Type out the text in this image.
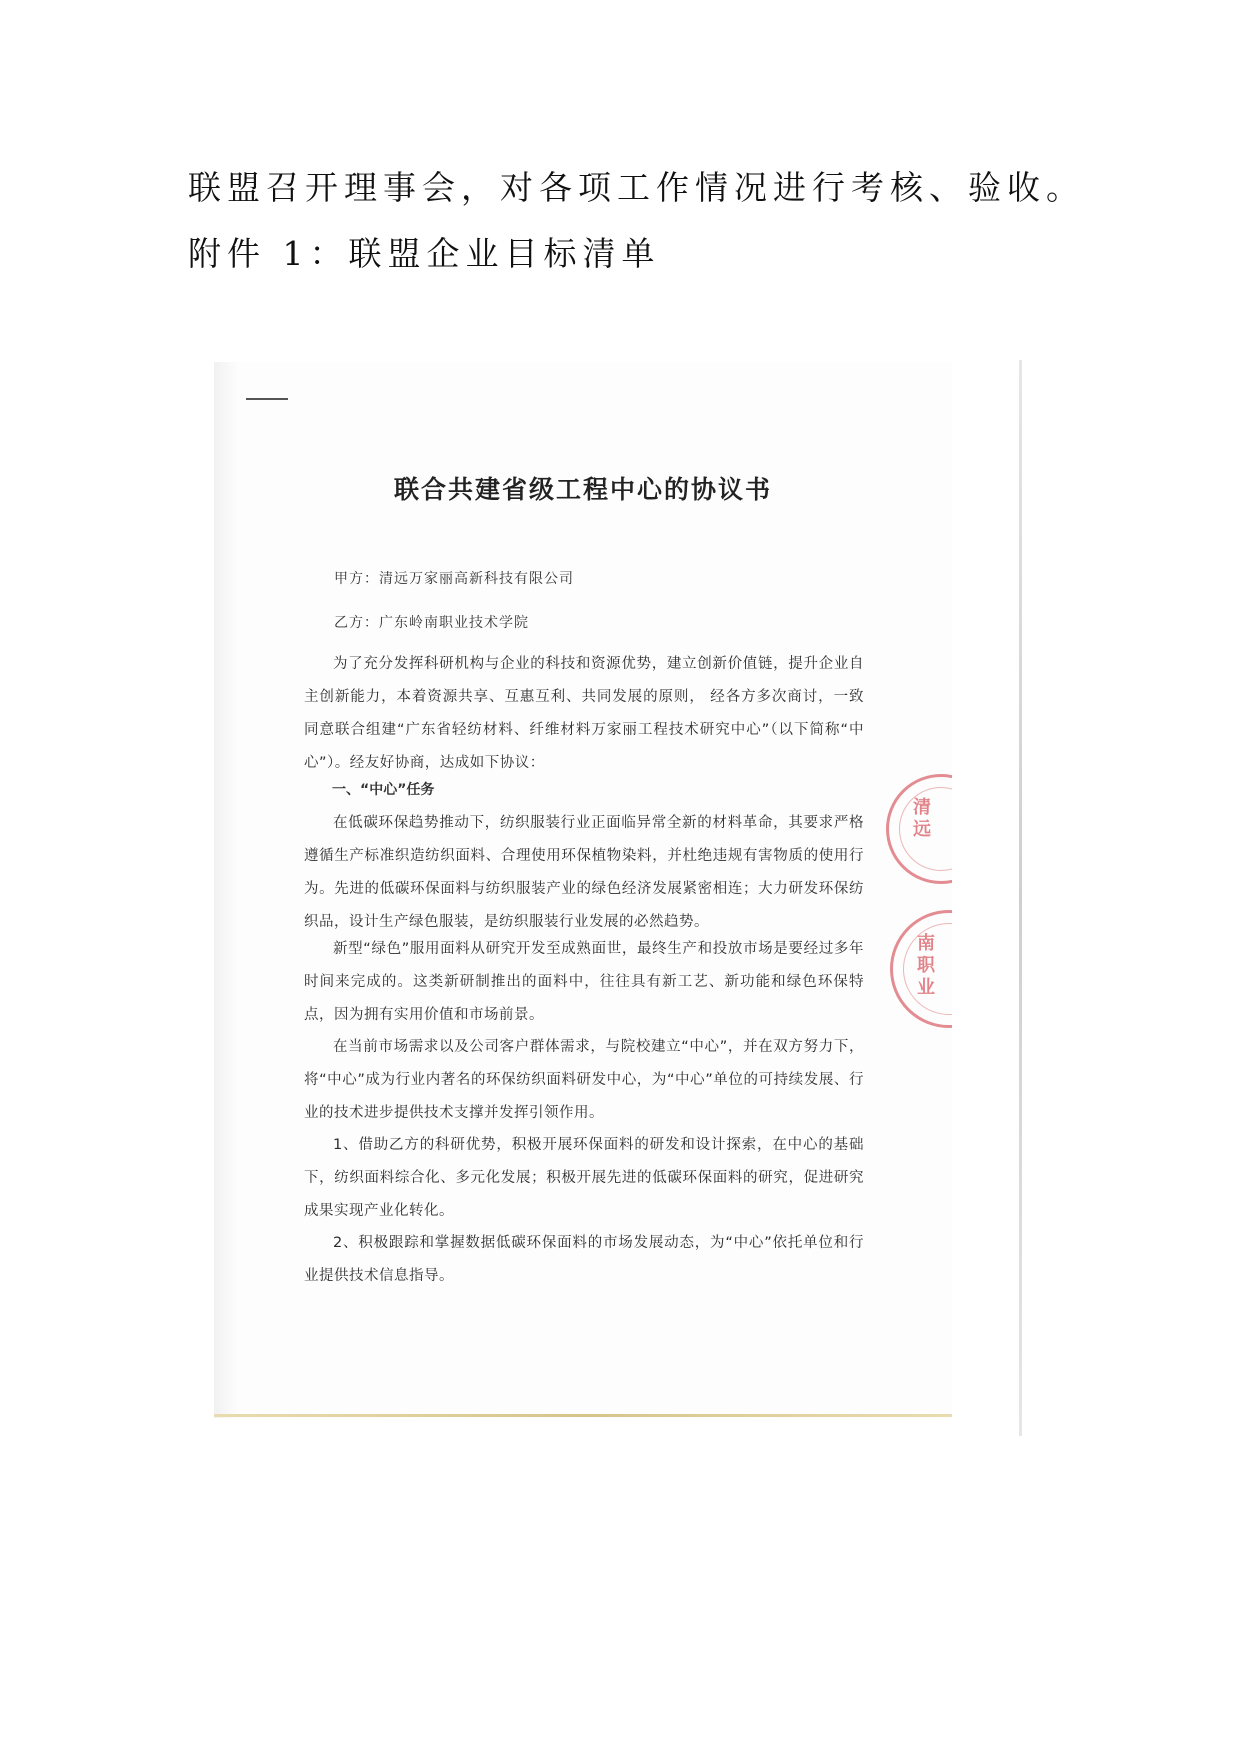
联盟召开理事会，对各项工作情况进行考核、验收。
附件 1：联盟企业目标清单
联合共建省级工程中心的协议书
甲方：清远万家丽高新科技有限公司
乙方：广东岭南职业技术学院

为了充分发挥科研机构与企业的科技和资源优势，建立创新价值链，提升企业自主创新能力，本着资源共享、互惠互利、共同发展的原则， 经各方多次商讨，一致同意联合组建“广东省轻纺材料、纤维材料万家丽工程技术研究中心”（以下简称“中心”）。经友好协商，达成如下协议：

一、“中心”任务

在低碳环保趋势推动下，纺织服装行业正面临异常全新的材料革命，其要求严格遵循生产标准织造纺织面料、合理使用环保植物染料，并杜绝违规有害物质的使用行为。先进的低碳环保面料与纺织服装产业的绿色经济发展紧密相连；大力研发环保纺织品，设计生产绿色服装，是纺织服装行业发展的必然趋势。

新型“绿色”服用面料从研究开发至成熟面世，最终生产和投放市场是要经过多年时间来完成的。这类新研制推出的面料中，往往具有新工艺、新功能和绿色环保特点，因为拥有实用价值和市场前景。

在当前市场需求以及公司客户群体需求，与院校建立“中心”，并在双方努力下，将“中心”成为行业内著名的环保纺织面料研发中心，为“中心”单位的可持续发展、行业的技术进步提供技术支撑并发挥引领作用。

1、借助乙方的科研优势，积极开展环保面料的研发和设计探索，在中心的基础下，纺织面料综合化、多元化发展；积极开展先进的低碳环保面料的研究，促进研究成果实现产业化转化。

2、积极跟踪和掌握数据低碳环保面料的市场发展动态，为“中心”依托单位和行业提供技术信息指导。

清远
南职业
